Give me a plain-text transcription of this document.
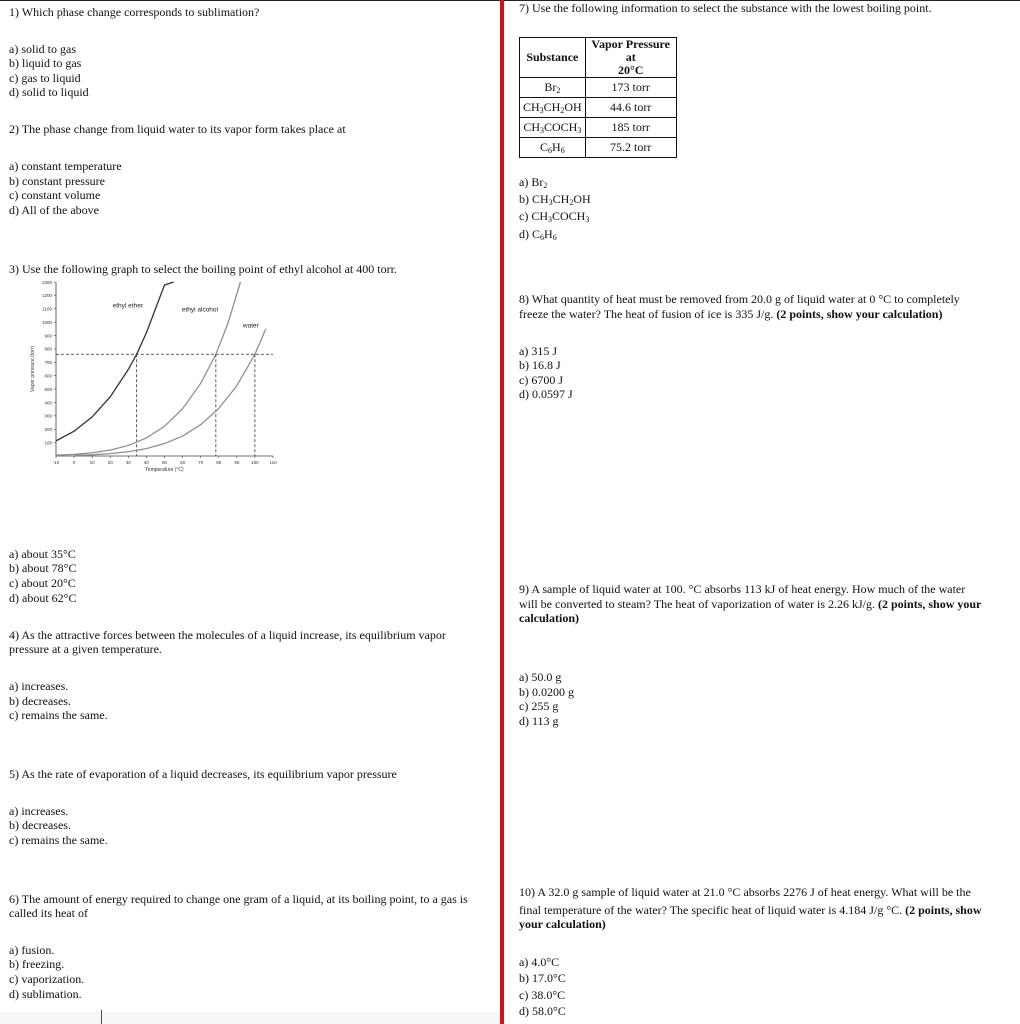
1) Which phase change corresponds to sublimation?
a) solid to gas
b) liquid to gas
c) gas to liquid
d) solid to liquid
2) The phase change from liquid water to its vapor form takes place at
a) constant temperature
b) constant pressure
c) constant volume
d) All of the above
3) Use the following graph to select the boiling point of ethyl alcohol at 400 torr.
100
200
300
400
500
600
700
800
900
1000
1100
1200
1300
-10	0	10	20	30	40	50	60	70	80	90	100 110
ethyl ether
ethyl alcohol
water
Temperature (°C)
Vapor pressure (torr)
a) about 35°C
b) about 78°C
c) about 20°C
d) about 62°C
4) As the attractive forces between the molecules of a liquid increase, its equilibrium vapor
pressure at a given temperature.
a) increases.
b) decreases.
c) remains the same.
5) As the rate of evaporation of a liquid decreases, its equilibrium vapor pressure
a) increases.
b) decreases.
c) remains the same.
6) The amount of energy required to change one gram of a liquid, at its boiling point, to a gas is
called its heat of
a) fusion.
b) freezing.
c) vaporization.
d) sublimation.
7) Use the following information to select the substance with the lowest boiling point.
Substance	Vapor Pressure at
20°C
$Br_2$	173 torr
$CH_3CH_2OH$	44.6 torr
$CH_3COCH_3$	185 torr
$C_6H_6$	75.2 torr
a) $Br_2$
b) $CH_3CH_2OH$
c) $CH_3COCH_3$
d) $C_6H_6$
8) What quantity of heat must be removed from 20.0 g of liquid water at 0 °C to completely
freeze the water? The heat of fusion of ice is 335 J/g. (2 points, show your calculation)
a) 315 J
b) 16.8 J
c) 6700 J
d) 0.0597 J
9) A sample of liquid water at 100. °C absorbs 113 kJ of heat energy. How much of the water
will be converted to steam? The heat of vaporization of water is 2.26 kJ/g. (2 points, show your
calculation)
a) 50.0 g
b) 0.0200 g
c) 255 g
d) 113 g
10) A 32.0 g sample of liquid water at 21.0 °C absorbs 2276 J of heat energy. What will be the
final temperature of the water? The specific heat of liquid water is 4.184 J/g °C. (2 points, show
your calculation)
a) 4.0°C
b) 17.0°C
c) 38.0°C
d) 58.0°C
